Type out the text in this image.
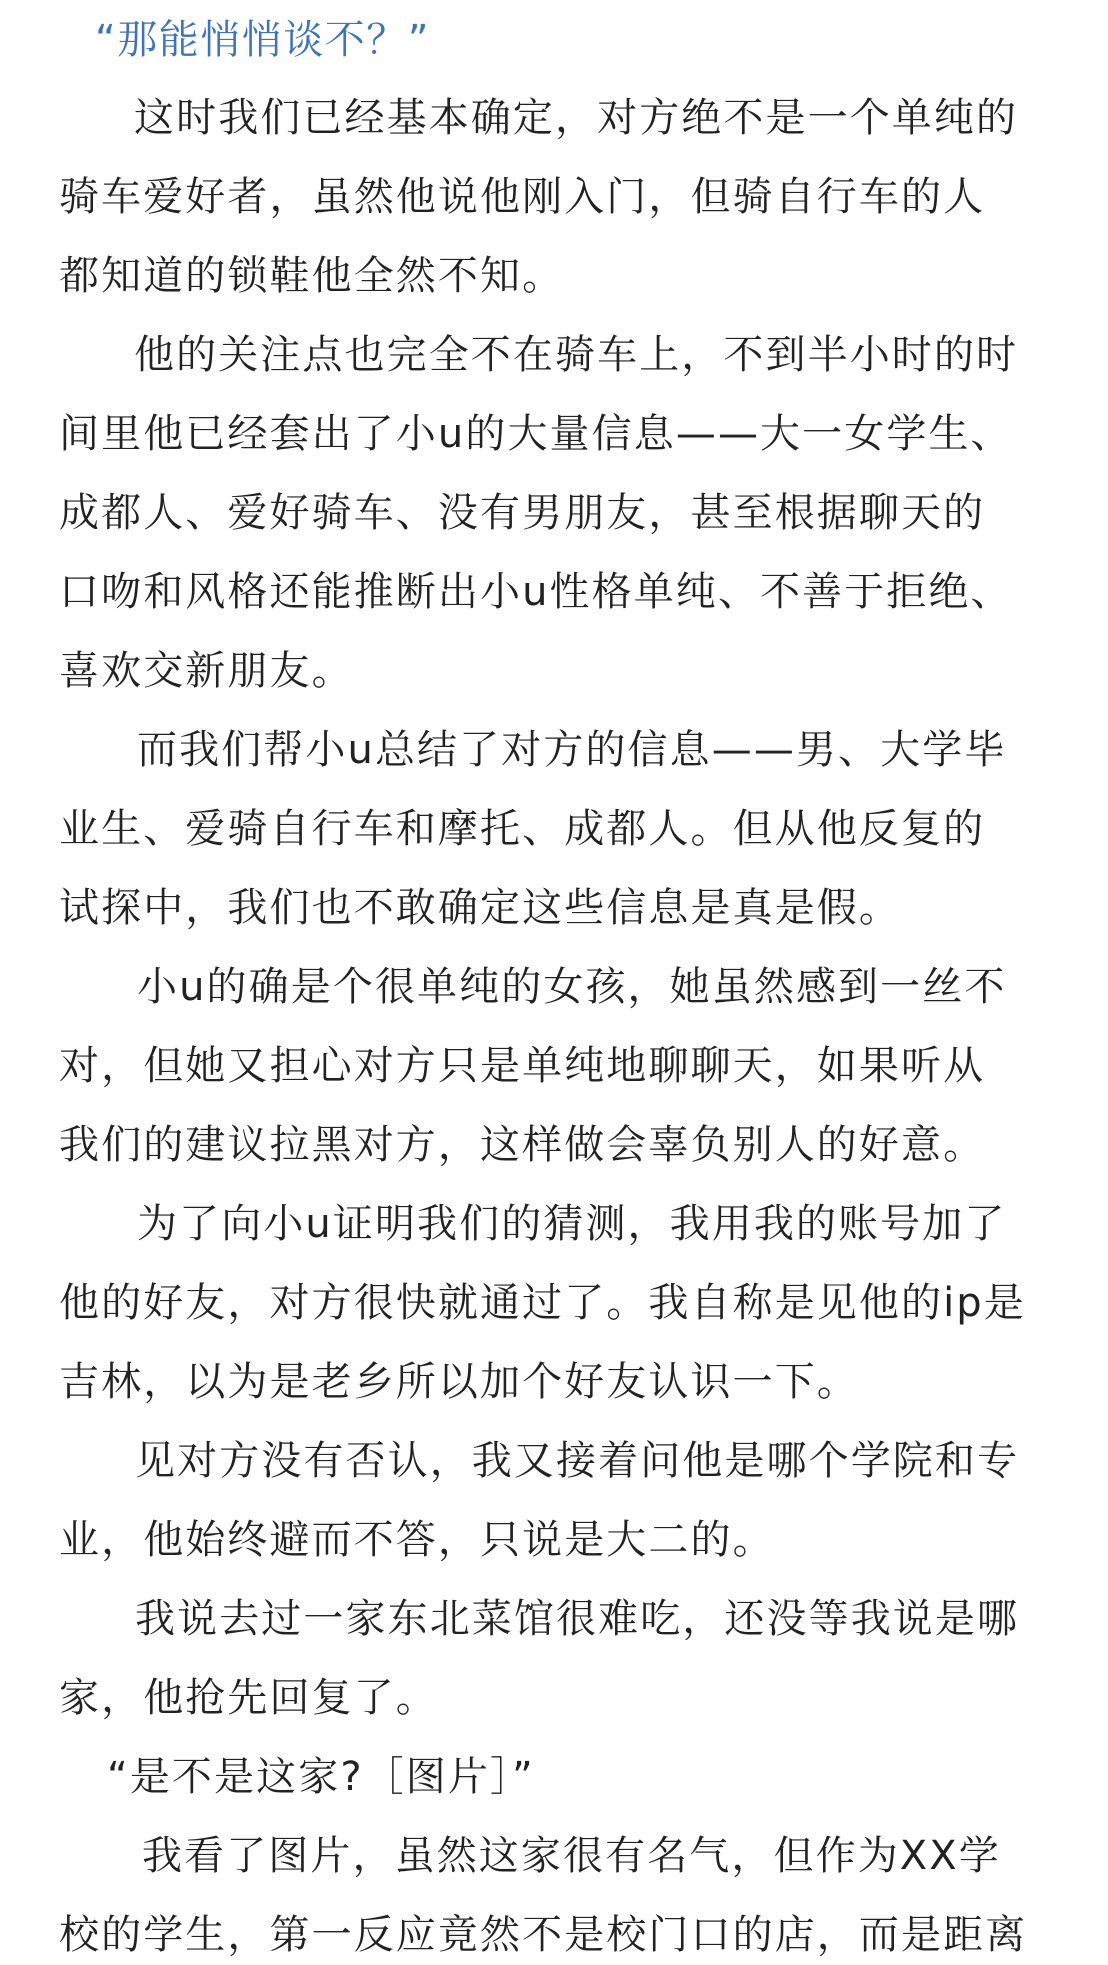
“那能悄悄谈不？”
这时我们已经基本确定，对方绝不是一个单纯的
骑车爱好者，虽然他说他刚入门，但骑自行车的人
都知道的锁鞋他全然不知。
他的关注点也完全不在骑车上，不到半小时的时
间里他已经套出了小u的大量信息——大一女学生、
成都人、爱好骑车、没有男朋友，甚至根据聊天的
口吻和风格还能推断出小u性格单纯、不善于拒绝、
喜欢交新朋友。
而我们帮小u总结了对方的信息——男、大学毕
业生、爱骑自行车和摩托、成都人。但从他反复的
试探中，我们也不敢确定这些信息是真是假。
小u的确是个很单纯的女孩，她虽然感到一丝不
对，但她又担心对方只是单纯地聊聊天，如果听从
我们的建议拉黑对方，这样做会辜负别人的好意。
为了向小u证明我们的猜测，我用我的账号加了
他的好友，对方很快就通过了。我自称是见他的ip是
吉林，以为是老乡所以加个好友认识一下。
见对方没有否认，我又接着问他是哪个学院和专
业，他始终避而不答，只说是大二的。
我说去过一家东北菜馆很难吃，还没等我说是哪
家，他抢先回复了。
“是不是这家?［图片］”
我看了图片，虽然这家很有名气，但作为XX学
校的学生，第一反应竟然不是校门口的店，而是距离
